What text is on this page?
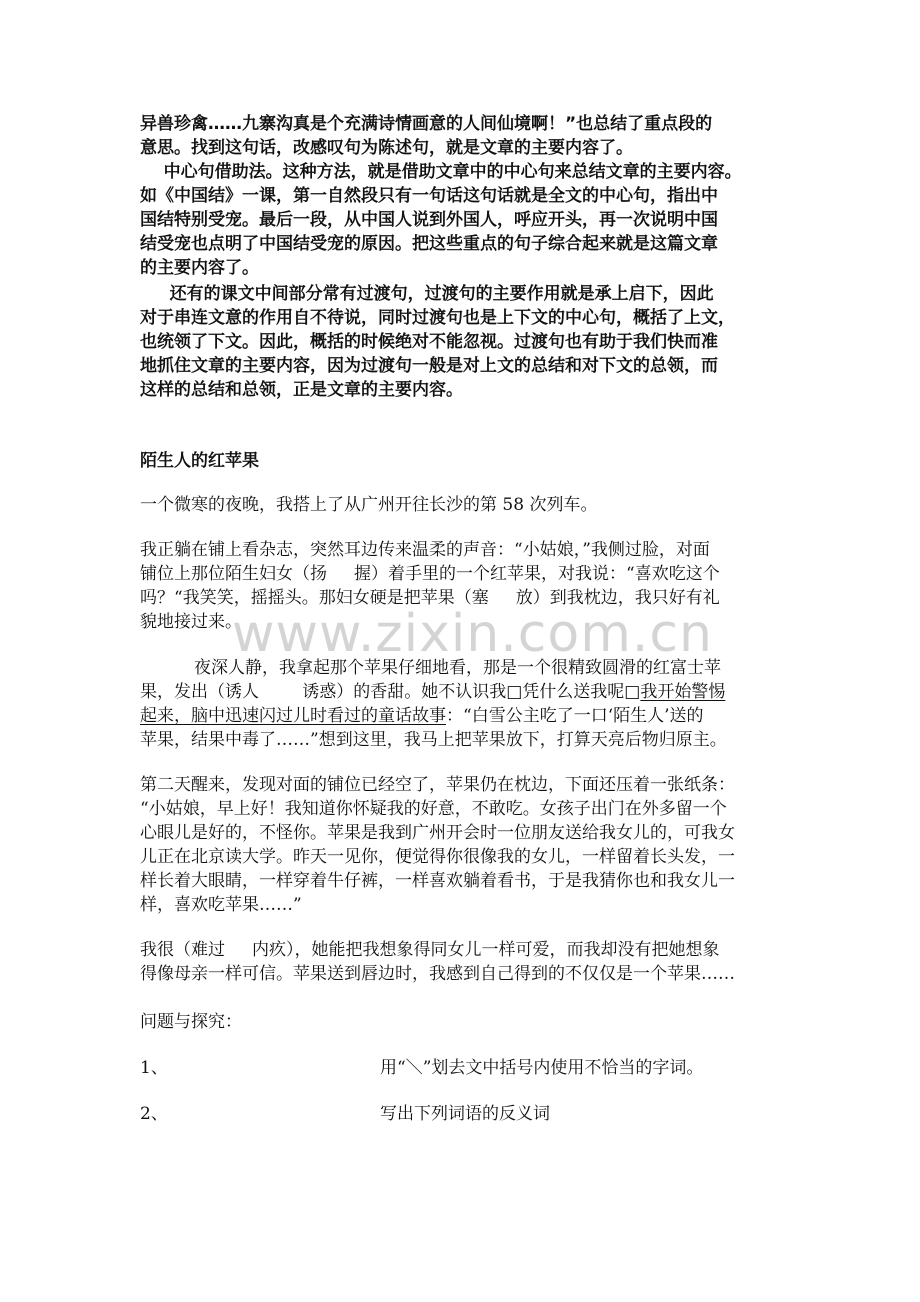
异兽珍禽……九寨沟真是个充满诗情画意的人间仙境啊！”也总结了重点段的
意思。找到这句话，改感叹句为陈述句，就是文章的主要内容了。
中心句借助法。这种方法，就是借助文章中的中心句来总结文章的主要内容。
如《中国结》一课，第一自然段只有一句话这句话就是全文的中心句，指出中
国结特别受宠。最后一段，从中国人说到外国人，呼应开头，再一次说明中国
结受宠也点明了中国结受宠的原因。把这些重点的句子综合起来就是这篇文章
的主要内容了。
还有的课文中间部分常有过渡句，过渡句的主要作用就是承上启下，因此
对于串连文意的作用自不待说，同时过渡句也是上下文的中心句，概括了上文，
也统领了下文。因此，概括的时候绝对不能忽视。过渡句也有助于我们快而准
地抓住文章的主要内容，因为过渡句一般是对上文的总结和对下文的总领，而
这样的总结和总领，正是文章的主要内容。
陌生人的红苹果
一个微寒的夜晚，我搭上了从广州开往长沙的第 58 次列车。
我正躺在铺上看杂志，突然耳边传来温柔的声音：“小姑娘，”我侧过脸，对面
铺位上那位陌生妇女（扬     握）着手里的一个红苹果，对我说：“喜欢吃这个
吗？“我笑笑，摇摇头。那妇女硬是把苹果（塞     放）到我枕边，我只好有礼
貌地接过来。
www.zixin.com.cn
夜深人静，我拿起那个苹果仔细地看，那是一个很精致圆滑的红富士苹
果，发出（诱人        诱惑）的香甜。她不认识我□凭什么送我呢□我开始警惕
起来，脑中迅速闪过儿时看过的童话故事：“白雪公主吃了一口‘陌生人’送的
苹果，结果中毒了……”想到这里，我马上把苹果放下，打算天亮后物归原主。
第二天醒来，发现对面的铺位已经空了，苹果仍在枕边，下面还压着一张纸条：
“小姑娘，早上好！我知道你怀疑我的好意，不敢吃。女孩子出门在外多留一个
心眼儿是好的，不怪你。苹果是我到广州开会时一位朋友送给我女儿的，可我女
儿正在北京读大学。昨天一见你，便觉得你很像我的女儿，一样留着长头发，一
样长着大眼睛，一样穿着牛仔裤，一样喜欢躺着看书，于是我猜你也和我女儿一
样，喜欢吃苹果……”
我很（难过     内疚），她能把我想象得同女儿一样可爱，而我却没有把她想象
得像母亲一样可信。苹果送到唇边时，我感到自己得到的不仅仅是一个苹果……
问题与探究：
1、	用“＼”划去文中括号内使用不恰当的字词。
2、	写出下列词语的反义词
